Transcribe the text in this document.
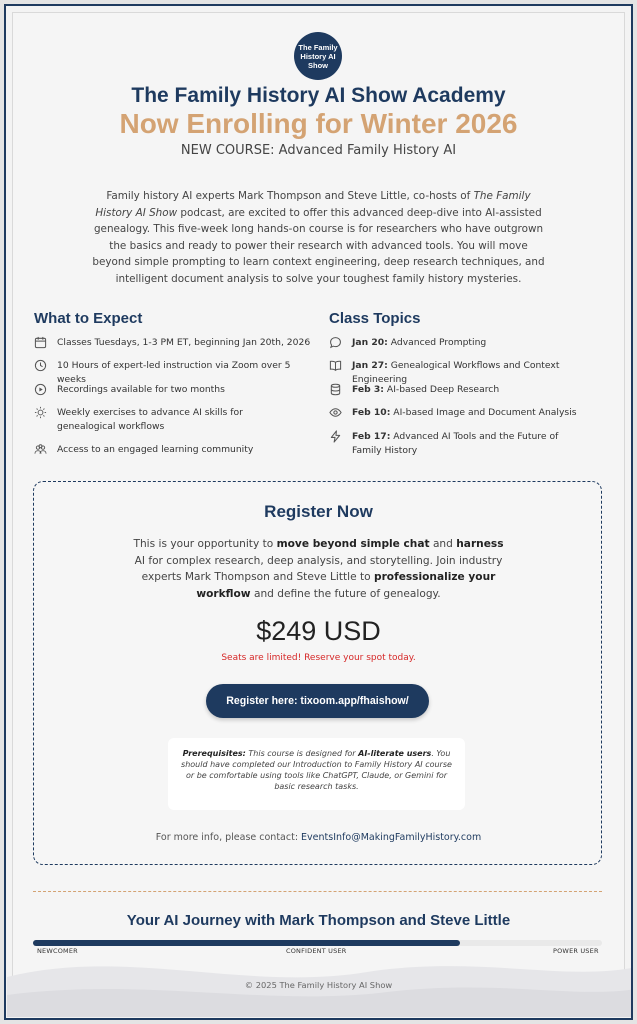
The Family History AI Show
The Family History AI Show Academy
Now Enrolling for Winter 2026
NEW COURSE: Advanced Family History AI
Family history AI experts Mark Thompson and Steve Little, co-hosts of The Family History AI Show podcast, are excited to offer this advanced deep-dive into AI-assisted genealogy. This five-week long hands-on course is for researchers who have outgrown the basics and ready to power their research with advanced tools. You will move beyond simple prompting to learn context engineering, deep research techniques, and intelligent document analysis to solve your toughest family history mysteries.
What to Expect
Classes Tuesdays, 1-3 PM ET, beginning Jan 20th, 2026
10 Hours of expert-led instruction via Zoom over 5 weeks
Recordings available for two months
Weekly exercises to advance AI skills for genealogical workflows
Access to an engaged learning community
Class Topics
Jan 20: Advanced Prompting
Jan 27: Genealogical Workflows and Context Engineering
Feb 3: AI-based Deep Research
Feb 10: AI-based Image and Document Analysis
Feb 17: Advanced AI Tools and the Future of Family History
Register Now
This is your opportunity to move beyond simple chat and harness AI for complex research, deep analysis, and storytelling. Join industry experts Mark Thompson and Steve Little to professionalize your workflow and define the future of genealogy.
$249 USD
Seats are limited! Reserve your spot today.
Register here: tixoom.app/fhaishow/
Prerequisites: This course is designed for AI-literate users. You should have completed our Introduction to Family History AI course or be comfortable using tools like ChatGPT, Claude, or Gemini for basic research tasks.
For more info, please contact: EventsInfo@MakingFamilyHistory.com
Your AI Journey with Mark Thompson and Steve Little
NEWCOMER	CONFIDENT USER	POWER USER
© 2025 The Family History AI Show
